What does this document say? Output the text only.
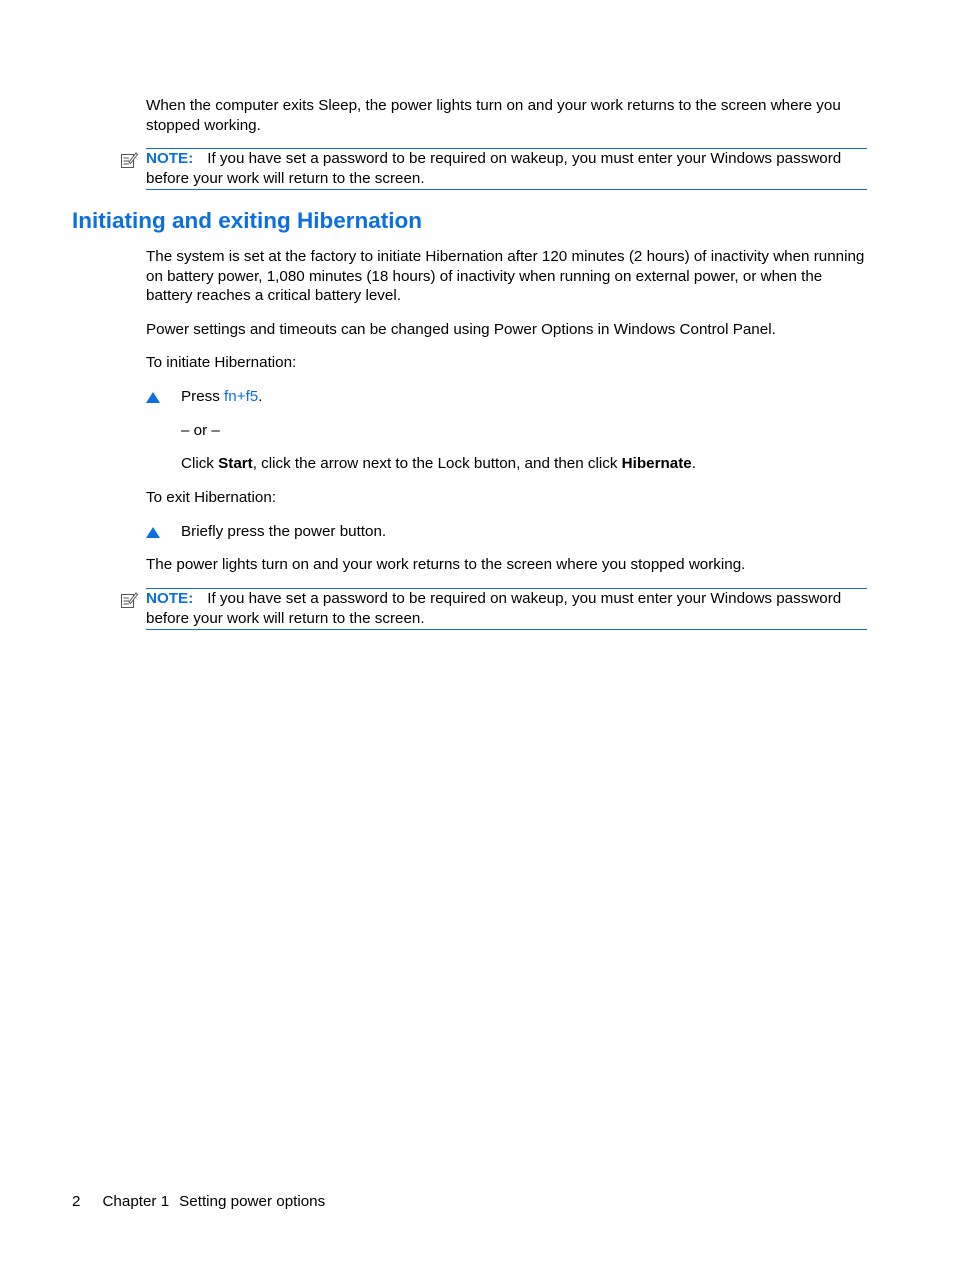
When the computer exits Sleep, the power lights turn on and your work returns to the screen where you stopped working.

NOTE: If you have set a password to be required on wakeup, you must enter your Windows password before your work will return to the screen.

Initiating and exiting Hibernation

The system is set at the factory to initiate Hibernation after 120 minutes (2 hours) of inactivity when running on battery power, 1,080 minutes (18 hours) of inactivity when running on external power, or when the battery reaches a critical battery level.

Power settings and timeouts can be changed using Power Options in Windows Control Panel.

To initiate Hibernation:

Press fn+f5.
– or –
Click Start, click the arrow next to the Lock button, and then click Hibernate.

To exit Hibernation:

Briefly press the power button.

The power lights turn on and your work returns to the screen where you stopped working.

NOTE: If you have set a password to be required on wakeup, you must enter your Windows password before your work will return to the screen.

2 Chapter 1 Setting power options
